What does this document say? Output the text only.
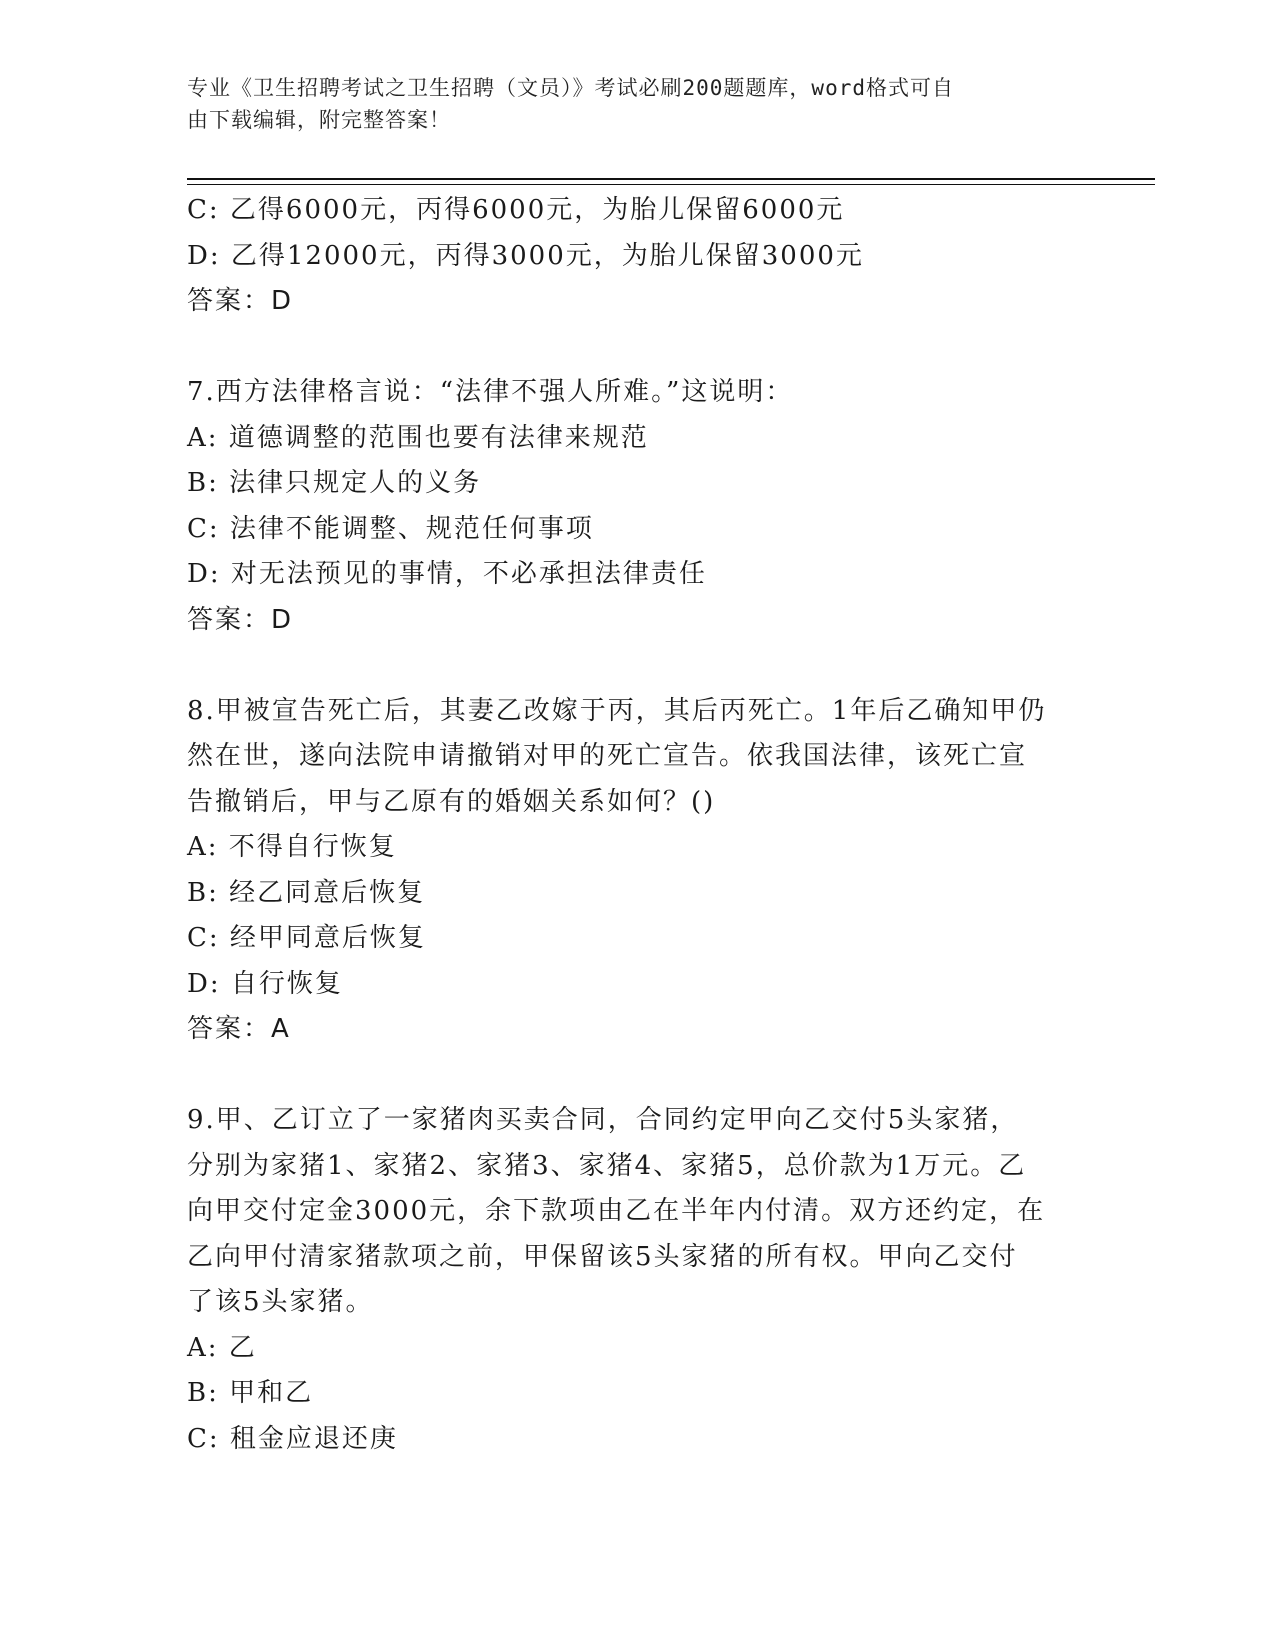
专业《卫生招聘考试之卫生招聘（文员）》考试必刷200题题库，word格式可自
由下载编辑，附完整答案！
C: 乙得6000元，丙得6000元，为胎儿保留6000元
D: 乙得12000元，丙得3000元，为胎儿保留3000元
答案：D
7.西方法律格言说：“法律不强人所难。”这说明：
A: 道德调整的范围也要有法律来规范
B: 法律只规定人的义务
C: 法律不能调整、规范任何事项
D: 对无法预见的事情，不必承担法律责任
答案：D
8.甲被宣告死亡后，其妻乙改嫁于丙，其后丙死亡。1年后乙确知甲仍
然在世，遂向法院申请撤销对甲的死亡宣告。依我国法律，该死亡宣
告撤销后，甲与乙原有的婚姻关系如何？()
A: 不得自行恢复
B: 经乙同意后恢复
C: 经甲同意后恢复
D: 自行恢复
答案：A
9.甲、乙订立了一家猪肉买卖合同，合同约定甲向乙交付5头家猪，
分别为家猪1、家猪2、家猪3、家猪4、家猪5，总价款为1万元。乙
向甲交付定金3000元，余下款项由乙在半年内付清。双方还约定，在
乙向甲付清家猪款项之前，甲保留该5头家猪的所有权。甲向乙交付
了该5头家猪。
A: 乙
B: 甲和乙
C: 租金应退还庚
